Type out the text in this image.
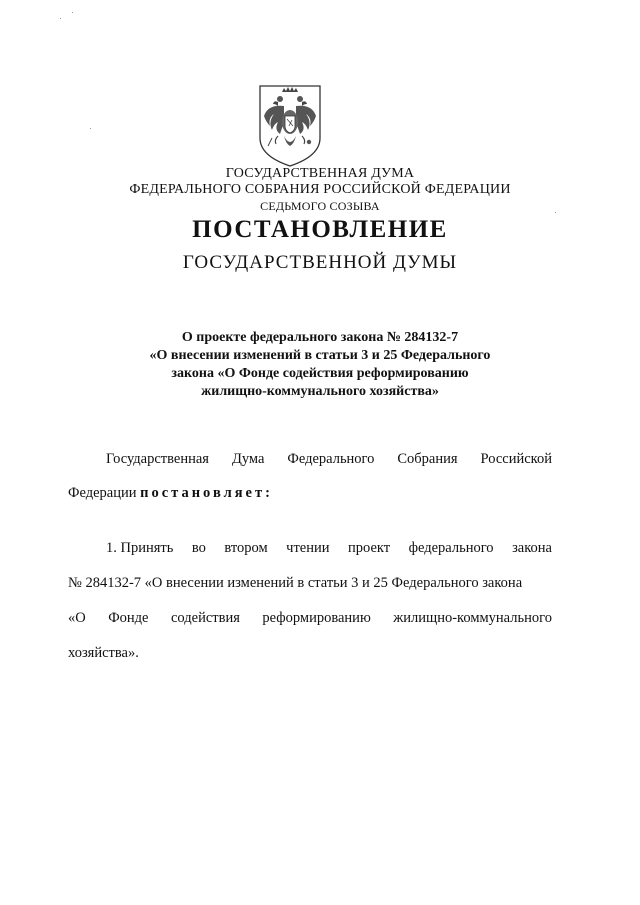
ГОСУДАРСТВЕННАЯ ДУМА
ФЕДЕРАЛЬНОГО СОБРАНИЯ РОССИЙСКОЙ ФЕДЕРАЦИИ
СЕДЬМОГО СОЗЫВА
ПОСТАНОВЛЕНИЕ
ГОСУДАРСТВЕННОЙ ДУМЫ
О проекте федерального закона № 284132-7
«О внесении изменений в статьи 3 и 25 Федерального
закона «О Фонде содействия реформированию
жилищно-коммунального хозяйства»
Государственная Дума Федерального Собрания Российской
Федерации постановляет:
1. Принять во втором чтении проект федерального закона
№ 284132-7 «О внесении изменений в статьи 3 и 25 Федерального закона
«О Фонде содействия реформированию жилищно-коммунального
хозяйства».
